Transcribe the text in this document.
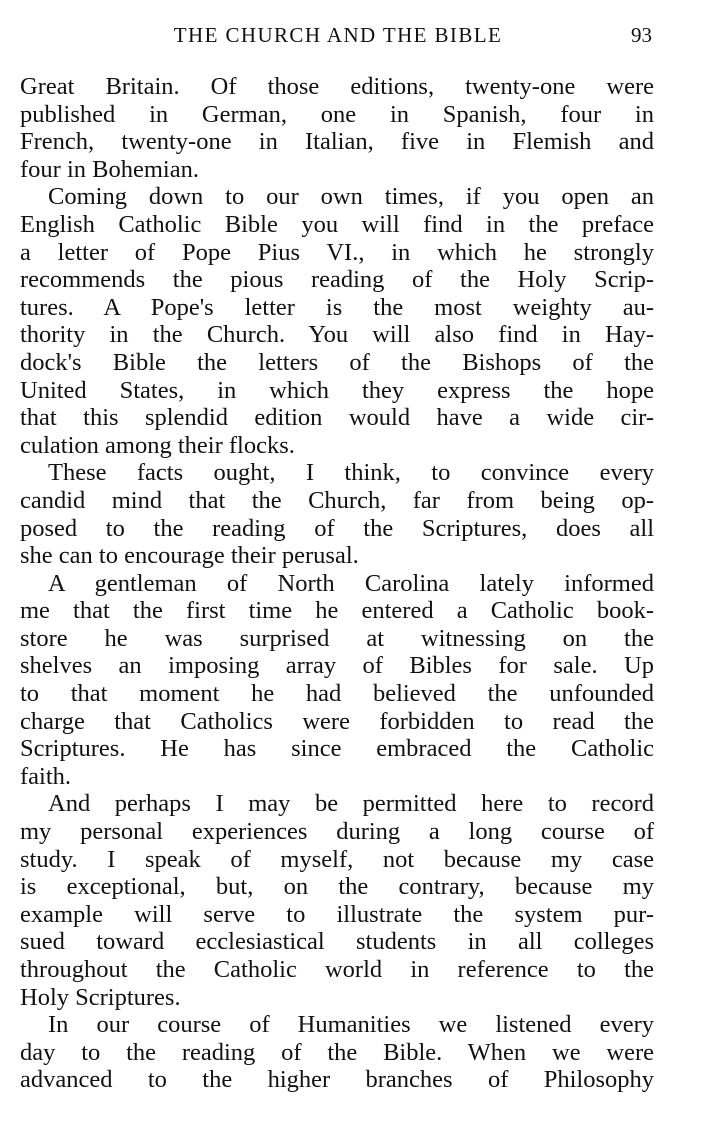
THE CHURCH AND THE BIBLE	93
Great Britain. Of those editions, twenty-one were
published in German, one in Spanish, four in
French, twenty-one in Italian, five in Flemish and
four in Bohemian.
Coming down to our own times, if you open an
English Catholic Bible you will find in the preface
a letter of Pope Pius VI., in which he strongly
recommends the pious reading of the Holy Scrip-
tures. A Pope's letter is the most weighty au-
thority in the Church. You will also find in Hay-
dock's Bible the letters of the Bishops of the
United States, in which they express the hope
that this splendid edition would have a wide cir-
culation among their flocks.
These facts ought, I think, to convince every
candid mind that the Church, far from being op-
posed to the reading of the Scriptures, does all
she can to encourage their perusal.
A gentleman of North Carolina lately informed
me that the first time he entered a Catholic book-
store he was surprised at witnessing on the
shelves an imposing array of Bibles for sale. Up
to that moment he had believed the unfounded
charge that Catholics were forbidden to read the
Scriptures. He has since embraced the Catholic
faith.
And perhaps I may be permitted here to record
my personal experiences during a long course of
study. I speak of myself, not because my case
is exceptional, but, on the contrary, because my
example will serve to illustrate the system pur-
sued toward ecclesiastical students in all colleges
throughout the Catholic world in reference to the
Holy Scriptures.
In our course of Humanities we listened every
day to the reading of the Bible. When we were
advanced to the higher branches of Philosophy
